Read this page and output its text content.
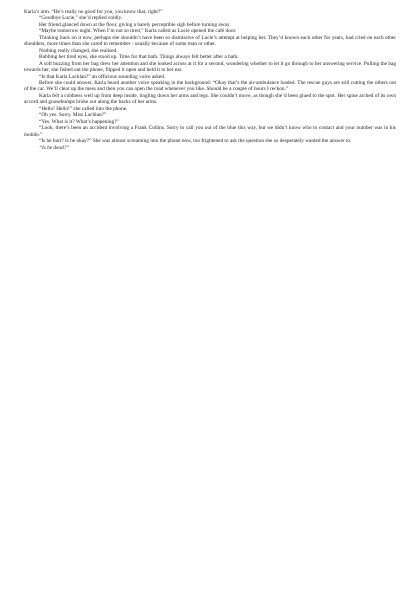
Karla’s arm. “He’s really no good for you, you know that, right?”

“Goodbye Lucie,” she’d replied coldly.

Her friend glanced down at the floor, giving a barely perceptible sigh before turning away.

“Maybe tomorrow night. When I’m not so tired,” Karla called as Lucie opened the café door.

Thinking back on it now, perhaps she shouldn’t have been so dismissive of Lucie’s attempt at helping her. They’d known each other for years, had cried on each other shoulders, more times than she cared to remember - usually because of some man or other.

Nothing really changed, she realised.

Rubbing her tired eyes, she stood up. Time for that bath. Things always felt better after a bath.

A soft buzzing from her bag drew her attention and she looked across at it for a second, wondering whether to let it go through to her answering service. Pulling the bag towards her, she fished out the phone, flipped it open and held it to her ear.

“Is that Karla Lachlan?” an officious sounding voice asked.

Before she could answer, Karla heard another voice speaking in the background: “Okay that’s the air-ambulance loaded. The rescue guys are still cutting the others out of the car. We’ll clear up the mess and then you can open the road whenever you like. Should be a couple of hours I reckon.”

Karla felt a coldness well up from deep inside, tingling down her arms and legs. She couldn’t move, as though she’d been glued to the spot. Her spine arched of its own accord and goosebumps broke out along the backs of her arms.

“Hello! Hello!” she called into the phone.

“Oh yes. Sorry. Miss Lachlan?”

“Yes. What is it? What’s happening?”

“Look, there’s been an accident involving a Frank Collins. Sorry to call you out of the blue this way, but we didn’t know who to contact and your number was in his mobile.”

“Is he hurt? Is he okay?” She was almost screaming into the phone now, too frightened to ask the question she so desperately wanted the answer to.

“Is he dead?”
